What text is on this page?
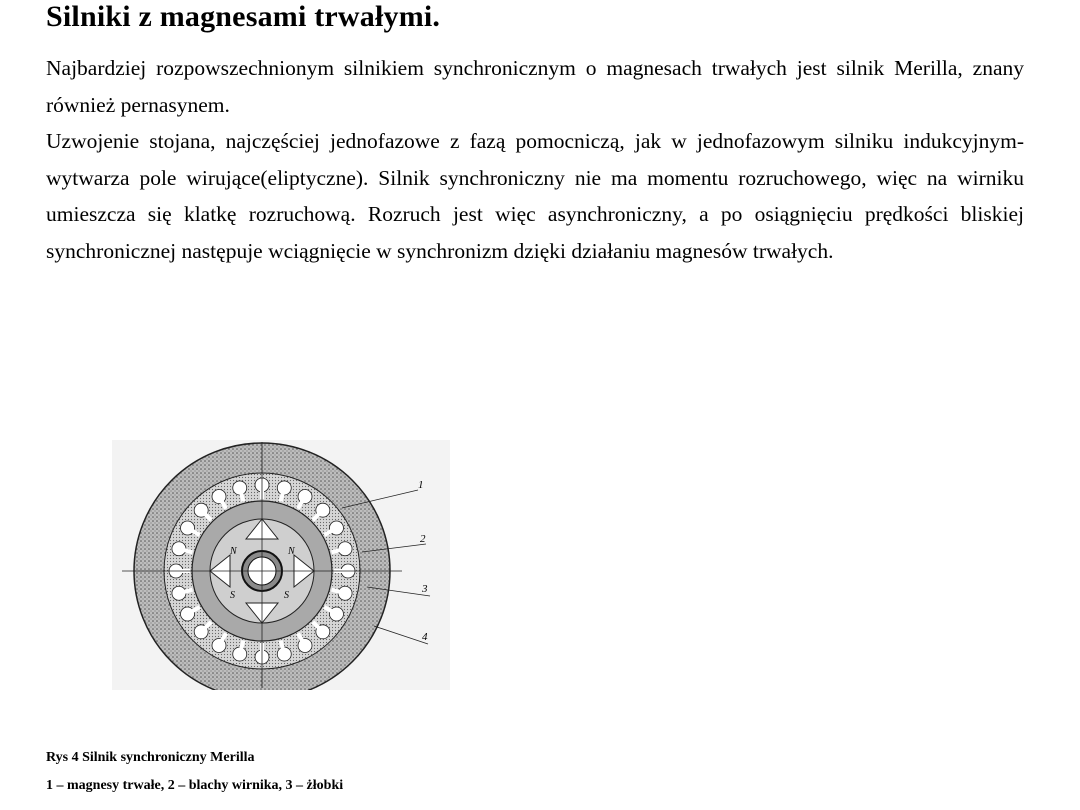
Silniki z magnesami trwałymi.

Najbardziej rozpowszechnionym silnikiem synchronicznym o magnesach trwałych jest silnik Merilla, znany również pernasynem.

Uzwojenie stojana, najczęściej jednofazowe z fazą pomocniczą, jak w jednofazowym silniku indukcyjnym- wytwarza pole wirujące(eliptyczne). Silnik synchroniczny nie ma momentu rozruchowego, więc na wirniku umieszcza się klatkę rozruchową. Rozruch jest więc asynchroniczny, a po osiągnięciu prędkości bliskiej synchronicznej następuje wciągnięcie w synchronizm dzięki działaniu magnesów trwałych.

N
S
N
S
1
2
3
4
Rys 4 Silnik synchroniczny Merilla
1 – magnesy trwałe, 2 – blachy wirnika, 3 – żłobki
